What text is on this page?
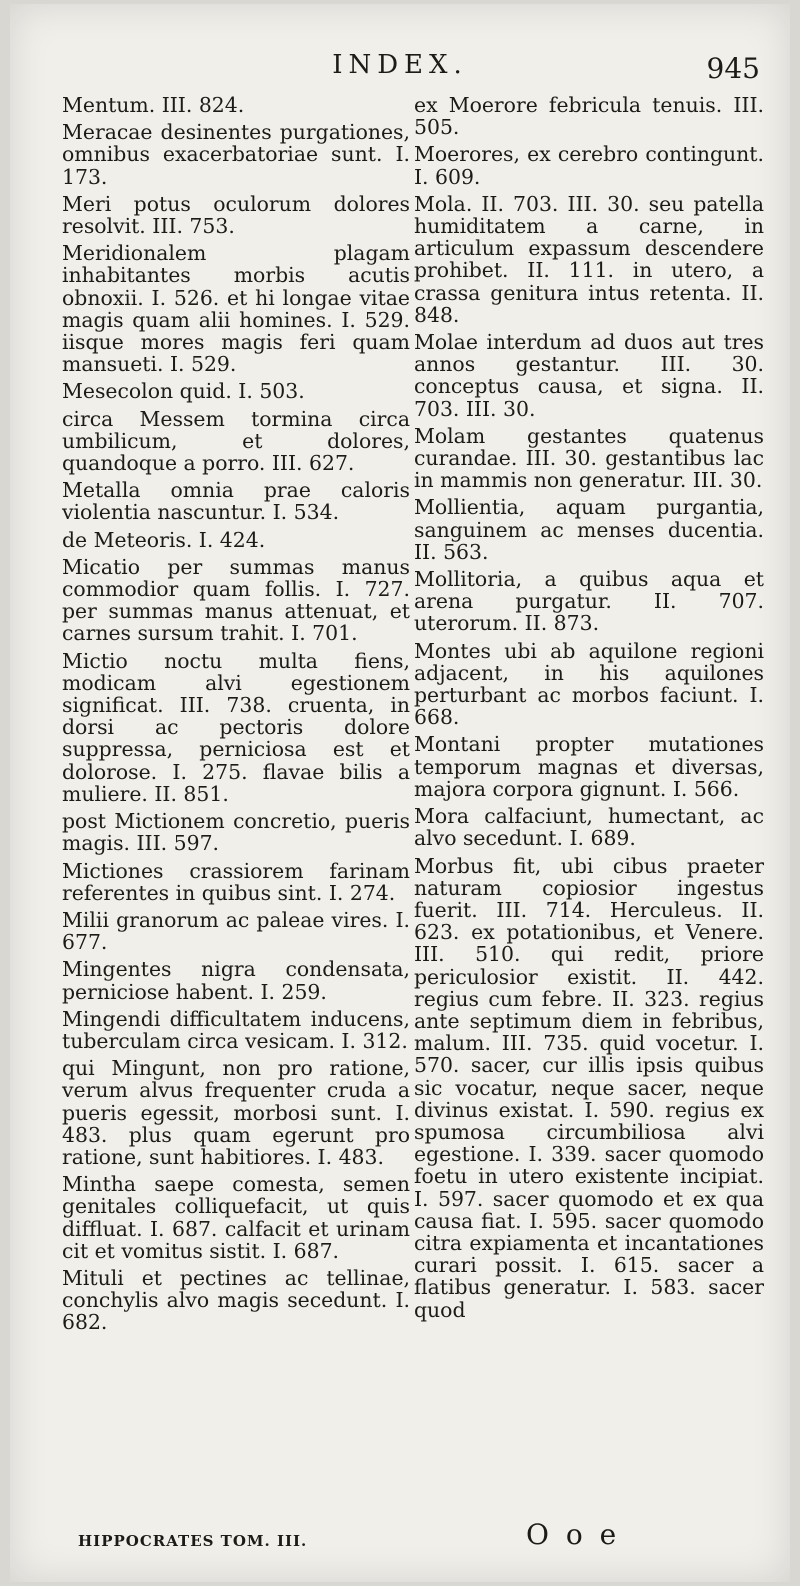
INDEX.	945

Mentum. III. 824.

Meracae desinentes purgationes, omnibus exacerbatoriae sunt. I. 173.

Meri potus oculorum dolores resolvit. III. 753.

Meridionalem plagam inhabitantes morbis acutis obnoxii. I. 526. et hi longae vitae magis quam alii homines. I. 529. iisque mores magis feri quam mansueti. I. 529.

Mesecolon quid. I. 503.

circa Messem tormina circa umbilicum, et dolores, quandoque a porro. III. 627.

Metalla omnia prae caloris violentia nascuntur. I. 534.

de Meteoris. I. 424.

Micatio per summas manus commodior quam follis. I. 727. per summas manus attenuat, et carnes sursum trahit. I. 701.

Mictio noctu multa fiens, modicam alvi egestionem significat. III. 738. cruenta, in dorsi ac pectoris dolore suppressa, perniciosa est et dolorose. I. 275. flavae bilis a muliere. II. 851.

post Mictionem concretio, pueris magis. III. 597.

Mictiones crassiorem farinam referentes in quibus sint. I. 274.

Milii granorum ac paleae vires. I. 677.

Mingentes nigra condensata, perniciose habent. I. 259.

Mingendi difficultatem inducens, tuberculam circa vesicam. I. 312.

qui Mingunt, non pro ratione, verum alvus frequenter cruda a pueris egessit, morbosi sunt. I. 483. plus quam egerunt pro ratione, sunt habitiores. I. 483.

Mintha saepe comesta, semen genitales colliquefacit, ut quis diffluat. I. 687. calfacit et urinam cit et vomitus sistit. I. 687.

Mituli et pectines ac tellinae, conchylis alvo magis secedunt. I. 682.

ex Moerore febricula tenuis. III. 505.

Moerores, ex cerebro contingunt. I. 609.

Mola. II. 703. III. 30. seu patella humiditatem a carne, in articulum expassum descendere prohibet. II. 111. in utero, a crassa genitura intus retenta. II. 848.

Molae interdum ad duos aut tres annos gestantur. III. 30. conceptus causa, et signa. II. 703. III. 30.

Molam gestantes quatenus curandae. III. 30. gestantibus lac in mammis non generatur. III. 30.

Mollientia, aquam purgantia, sanguinem ac menses ducentia. II. 563.

Mollitoria, a quibus aqua et arena purgatur. II. 707. uterorum. II. 873.

Montes ubi ab aquilone regioni adjacent, in his aquilones perturbant ac morbos faciunt. I. 668.

Montani propter mutationes temporum magnas et diversas, majora corpora gignunt. I. 566.

Mora calfaciunt, humectant, ac alvo secedunt. I. 689.

Morbus fit, ubi cibus praeter naturam copiosior ingestus fuerit. III. 714. Herculeus. II. 623. ex potationibus, et Venere. III. 510. qui redit, priore periculosior existit. II. 442. regius cum febre. II. 323. regius ante septimum diem in febribus, malum. III. 735. quid vocetur. I. 570. sacer, cur illis ipsis quibus sic vocatur, neque sacer, neque divinus existat. I. 590. regius ex spumosa circumbiliosa alvi egestione. I. 339. sacer quomodo foetu in utero existente incipiat. I. 597. sacer quomodo et ex qua causa fiat. I. 595. sacer quomodo citra expiamenta et incantationes curari possit. I. 615. sacer a flatibus generatur. I. 583. sacer quod

HIPPOCRATES TOM. III.	O o e
